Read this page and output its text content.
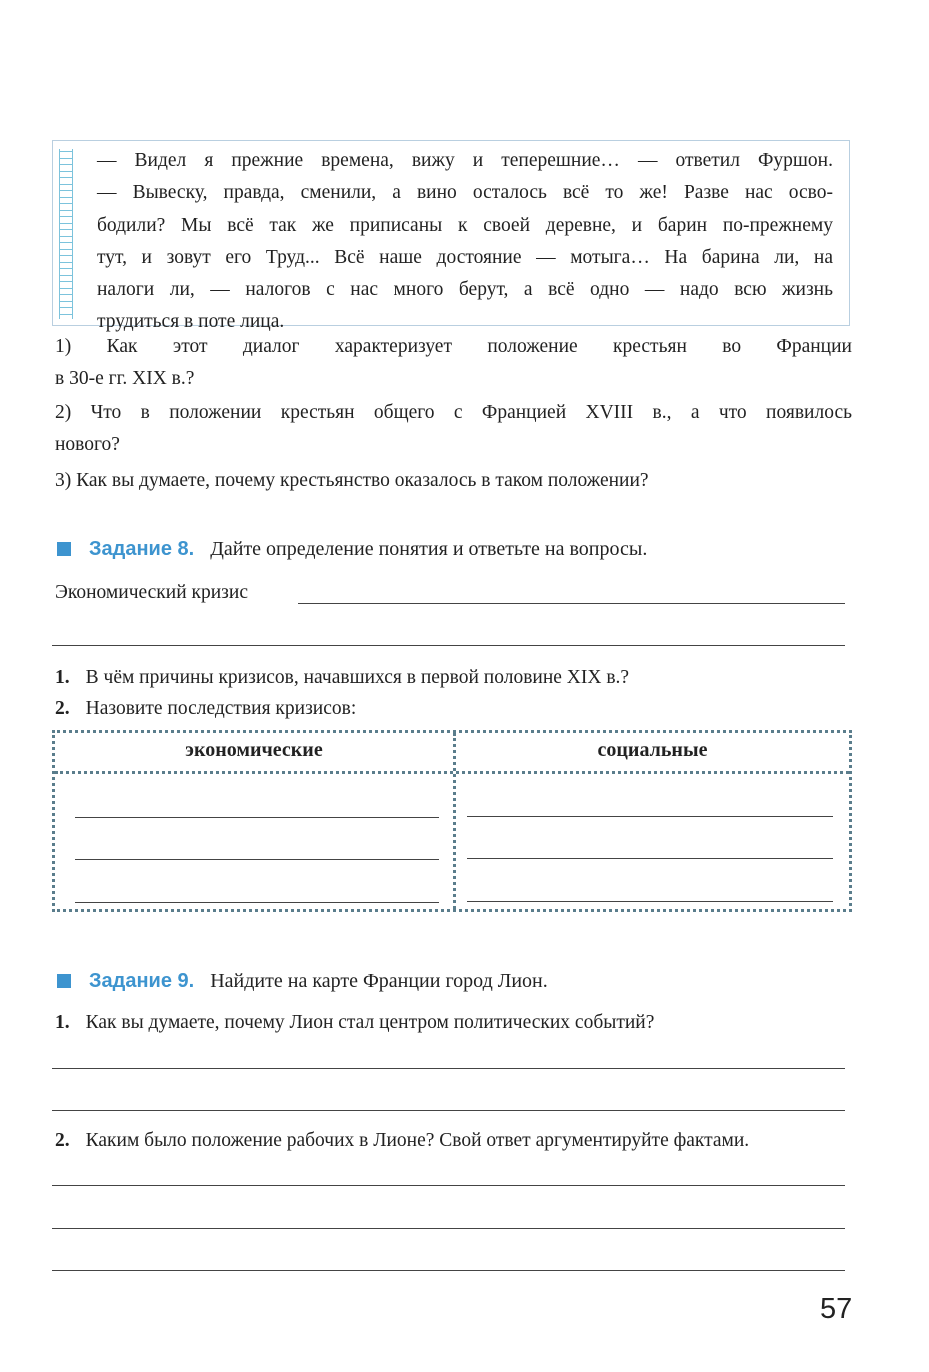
— Видел я прежние времена, вижу и теперешние… — ответил Фуршон.
— Вывеску, правда, сменили, а вино осталось всё то же! Разве нас осво-
бодили? Мы всё так же приписаны к своей деревне, и барин по-прежнему
тут, и зовут его Труд... Всё наше достояние — мотыга… На барина ли, на
налоги ли, — налогов с нас много берут, а всё одно — надо всю жизнь
трудиться в поте лица.
1) Как этот диалог характеризует положение крестьян во Франции
в 30-е гг. XIX в.?
2) Что в положении крестьян общего с Францией XVIII в., а что появилось
нового?
3) Как вы думаете, почему крестьянство оказалось в таком положении?
Задание 8. Дайте определение понятия и ответьте на вопросы.
Экономический кризис
1. В чём причины кризисов, начавшихся в первой половине XIX в.?
2. Назовите последствия кризисов:
экономические	социальные
Задание 9. Найдите на карте Франции город Лион.
1. Как вы думаете, почему Лион стал центром политических событий?
2. Каким было положение рабочих в Лионе? Свой ответ аргументируйте фактами.
57
